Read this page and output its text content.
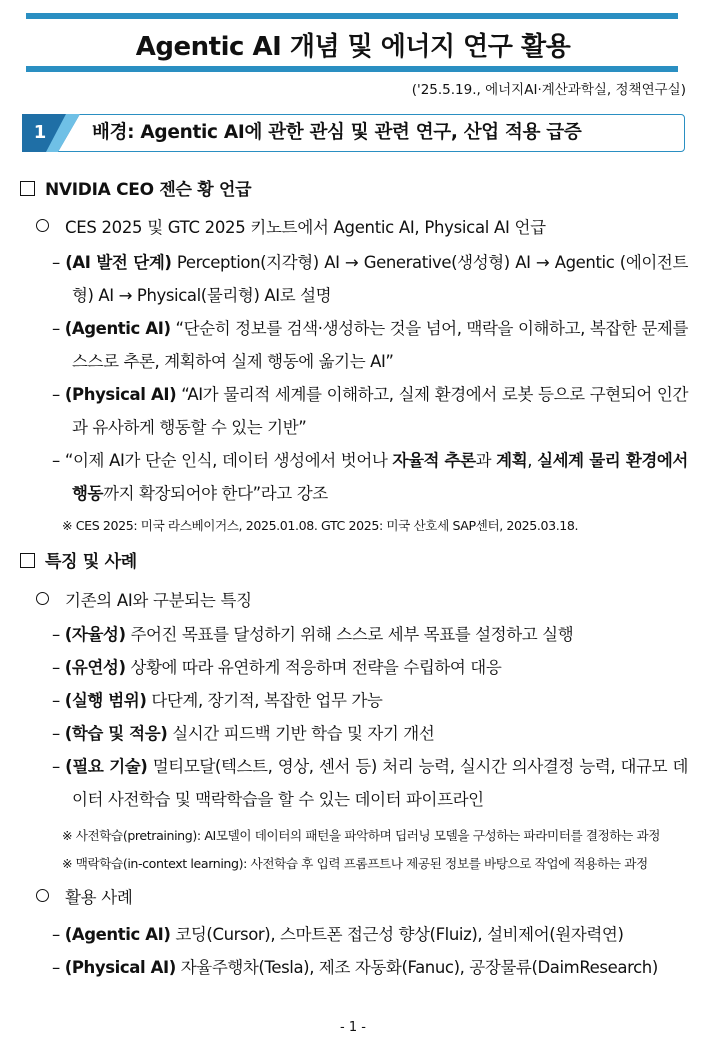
Agentic AI 개념 및 에너지 연구 활용
('25.5.19., 에너지AI·계산과학실, 정책연구실)
1	배경: Agentic AI에 관한 관심 및 관련 연구, 산업 적용 급증
NVIDIA CEO 젠슨 황 언급
CES 2025 및 GTC 2025 키노트에서 Agentic AI, Physical AI 언급
– (AI 발전 단계) Perception(지각형) AI → Generative(생성형) AI → Agentic (에이전트형) AI → Physical(물리형) AI로 설명
– (Agentic AI) “단순히 정보를 검색·생성하는 것을 넘어, 맥락을 이해하고, 복잡한 문제를 스스로 추론, 계획하여 실제 행동에 옮기는 AI”
– (Physical AI) “AI가 물리적 세계를 이해하고, 실제 환경에서 로봇 등으로 구현되어 인간과 유사하게 행동할 수 있는 기반”
– “이제 AI가 단순 인식, 데이터 생성에서 벗어나 자율적 추론과 계획, 실세계 물리 환경에서 행동까지 확장되어야 한다”라고 강조
※ CES 2025: 미국 라스베이거스, 2025.01.08. GTC 2025: 미국 산호세 SAP센터, 2025.03.18.
특징 및 사례
기존의 AI와 구분되는 특징
– (자율성) 주어진 목표를 달성하기 위해 스스로 세부 목표를 설정하고 실행
– (유연성) 상황에 따라 유연하게 적응하며 전략을 수립하여 대응
– (실행 범위) 다단계, 장기적, 복잡한 업무 가능
– (학습 및 적응) 실시간 피드백 기반 학습 및 자기 개선
– (필요 기술) 멀티모달(텍스트, 영상, 센서 등) 처리 능력, 실시간 의사결정 능력, 대규모 데이터 사전학습 및 맥락학습을 할 수 있는 데이터 파이프라인
※ 사전학습(pretraining): AI모델이 데이터의 패턴을 파악하며 딥러닝 모델을 구성하는 파라미터를 결정하는 과정
※ 맥락학습(in-context learning): 사전학습 후 입력 프롬프트나 제공된 정보를 바탕으로 작업에 적용하는 과정
활용 사례
– (Agentic AI) 코딩(Cursor), 스마트폰 접근성 향상(Fluiz), 설비제어(원자력연)
– (Physical AI) 자율주행차(Tesla), 제조 자동화(Fanuc), 공장물류(DaimResearch)
- 1 -
